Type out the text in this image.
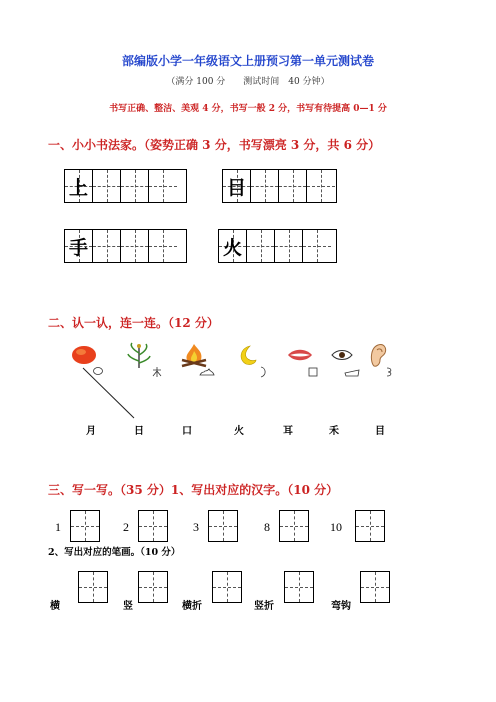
部编版小学一年级语文上册预习第一单元测试卷
（满分 100 分　　测试时间　40 分钟）
书写正确、整洁、美观 4 分，书写一般 2 分，书写有待提高 0—1 分
一、小小书法家。（姿势正确 3 分，书写漂亮 3 分，共 6 分）
上	目
手	火
二、认一认，连一连。（12 分）
月	日	口	火	耳	禾	目
三、写一写。（35 分）1、写出对应的汉字。（10 分）
1	2	3	8	10
2、写出对应的笔画。（10 分）
横	竖	横折	竖折	弯钩
